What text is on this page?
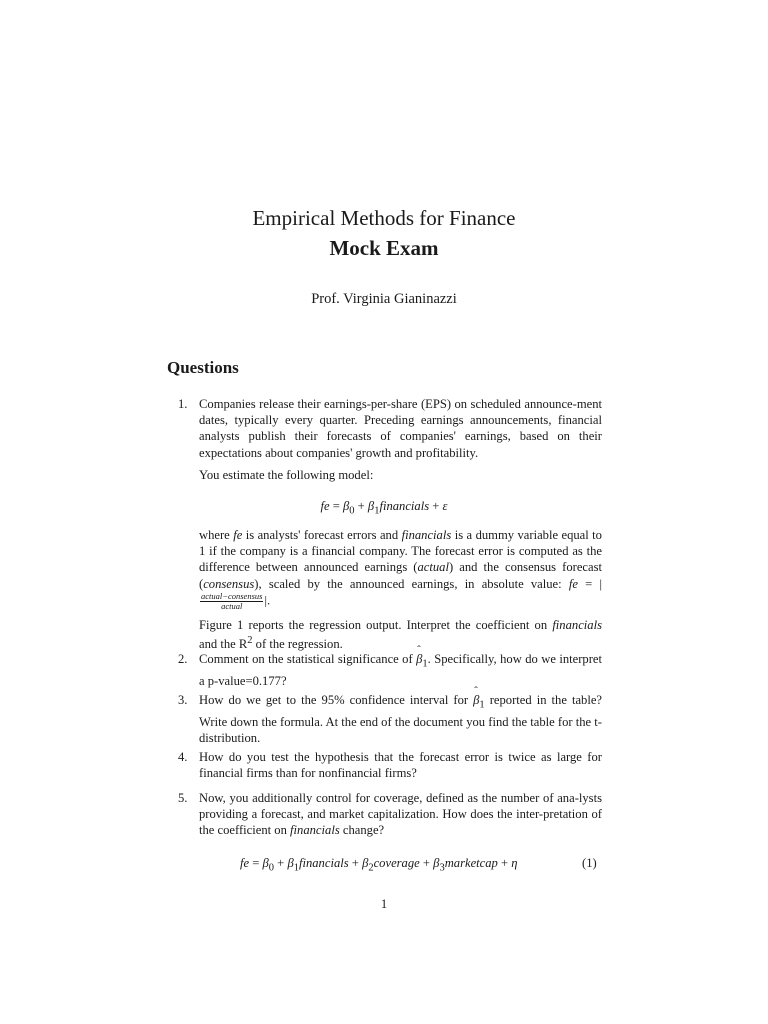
Empirical Methods for Finance
Mock Exam
Prof. Virginia Gianinazzi
Questions
1. Companies release their earnings-per-share (EPS) on scheduled announce-ment dates, typically every quarter. Preceding earnings announcements, financial analysts publish their forecasts of companies' earnings, based on their expectations about companies' growth and profitability.

You estimate the following model:

fe = $\beta_0$ + $\beta_1financials + \varepsilon$

where fe is analysts' forecast errors and financials is a dummy variable equal to 1 if the company is a financial company. The forecast error is computed as the difference between announced earnings (actual) and the consensus forecast (consensus), scaled by the announced earnings, in absolute value: fe = |
$\frac{\text{actual−consensus}}{\text{actual}}$ |.

Figure 1 reports the regression output. Interpret the coefficient on financials and the $R^2$ of the regression.

2. Comment on the statistical significance of ˆ $\beta_1$. Specifically, how do we interpret a p-value=0.177?

3. How do we get to the 95% confidence interval for ˆ $\beta_1$ reported in the table? Write down the formula. At the end of the document you find the table for the t-distribution.

4. How do you test the hypothesis that the forecast error is twice as large for financial firms than for nonfinancial firms?

5. Now, you additionally control for coverage, defined as the number of ana-lysts providing a forecast, and market capitalization. How does the inter-pretation of the coefficient on financials change?

fe = $\beta_0$ + $\beta_1financials$ + $\beta_2coverage$ + $\beta_3marketcap + \eta$	(1)
1
